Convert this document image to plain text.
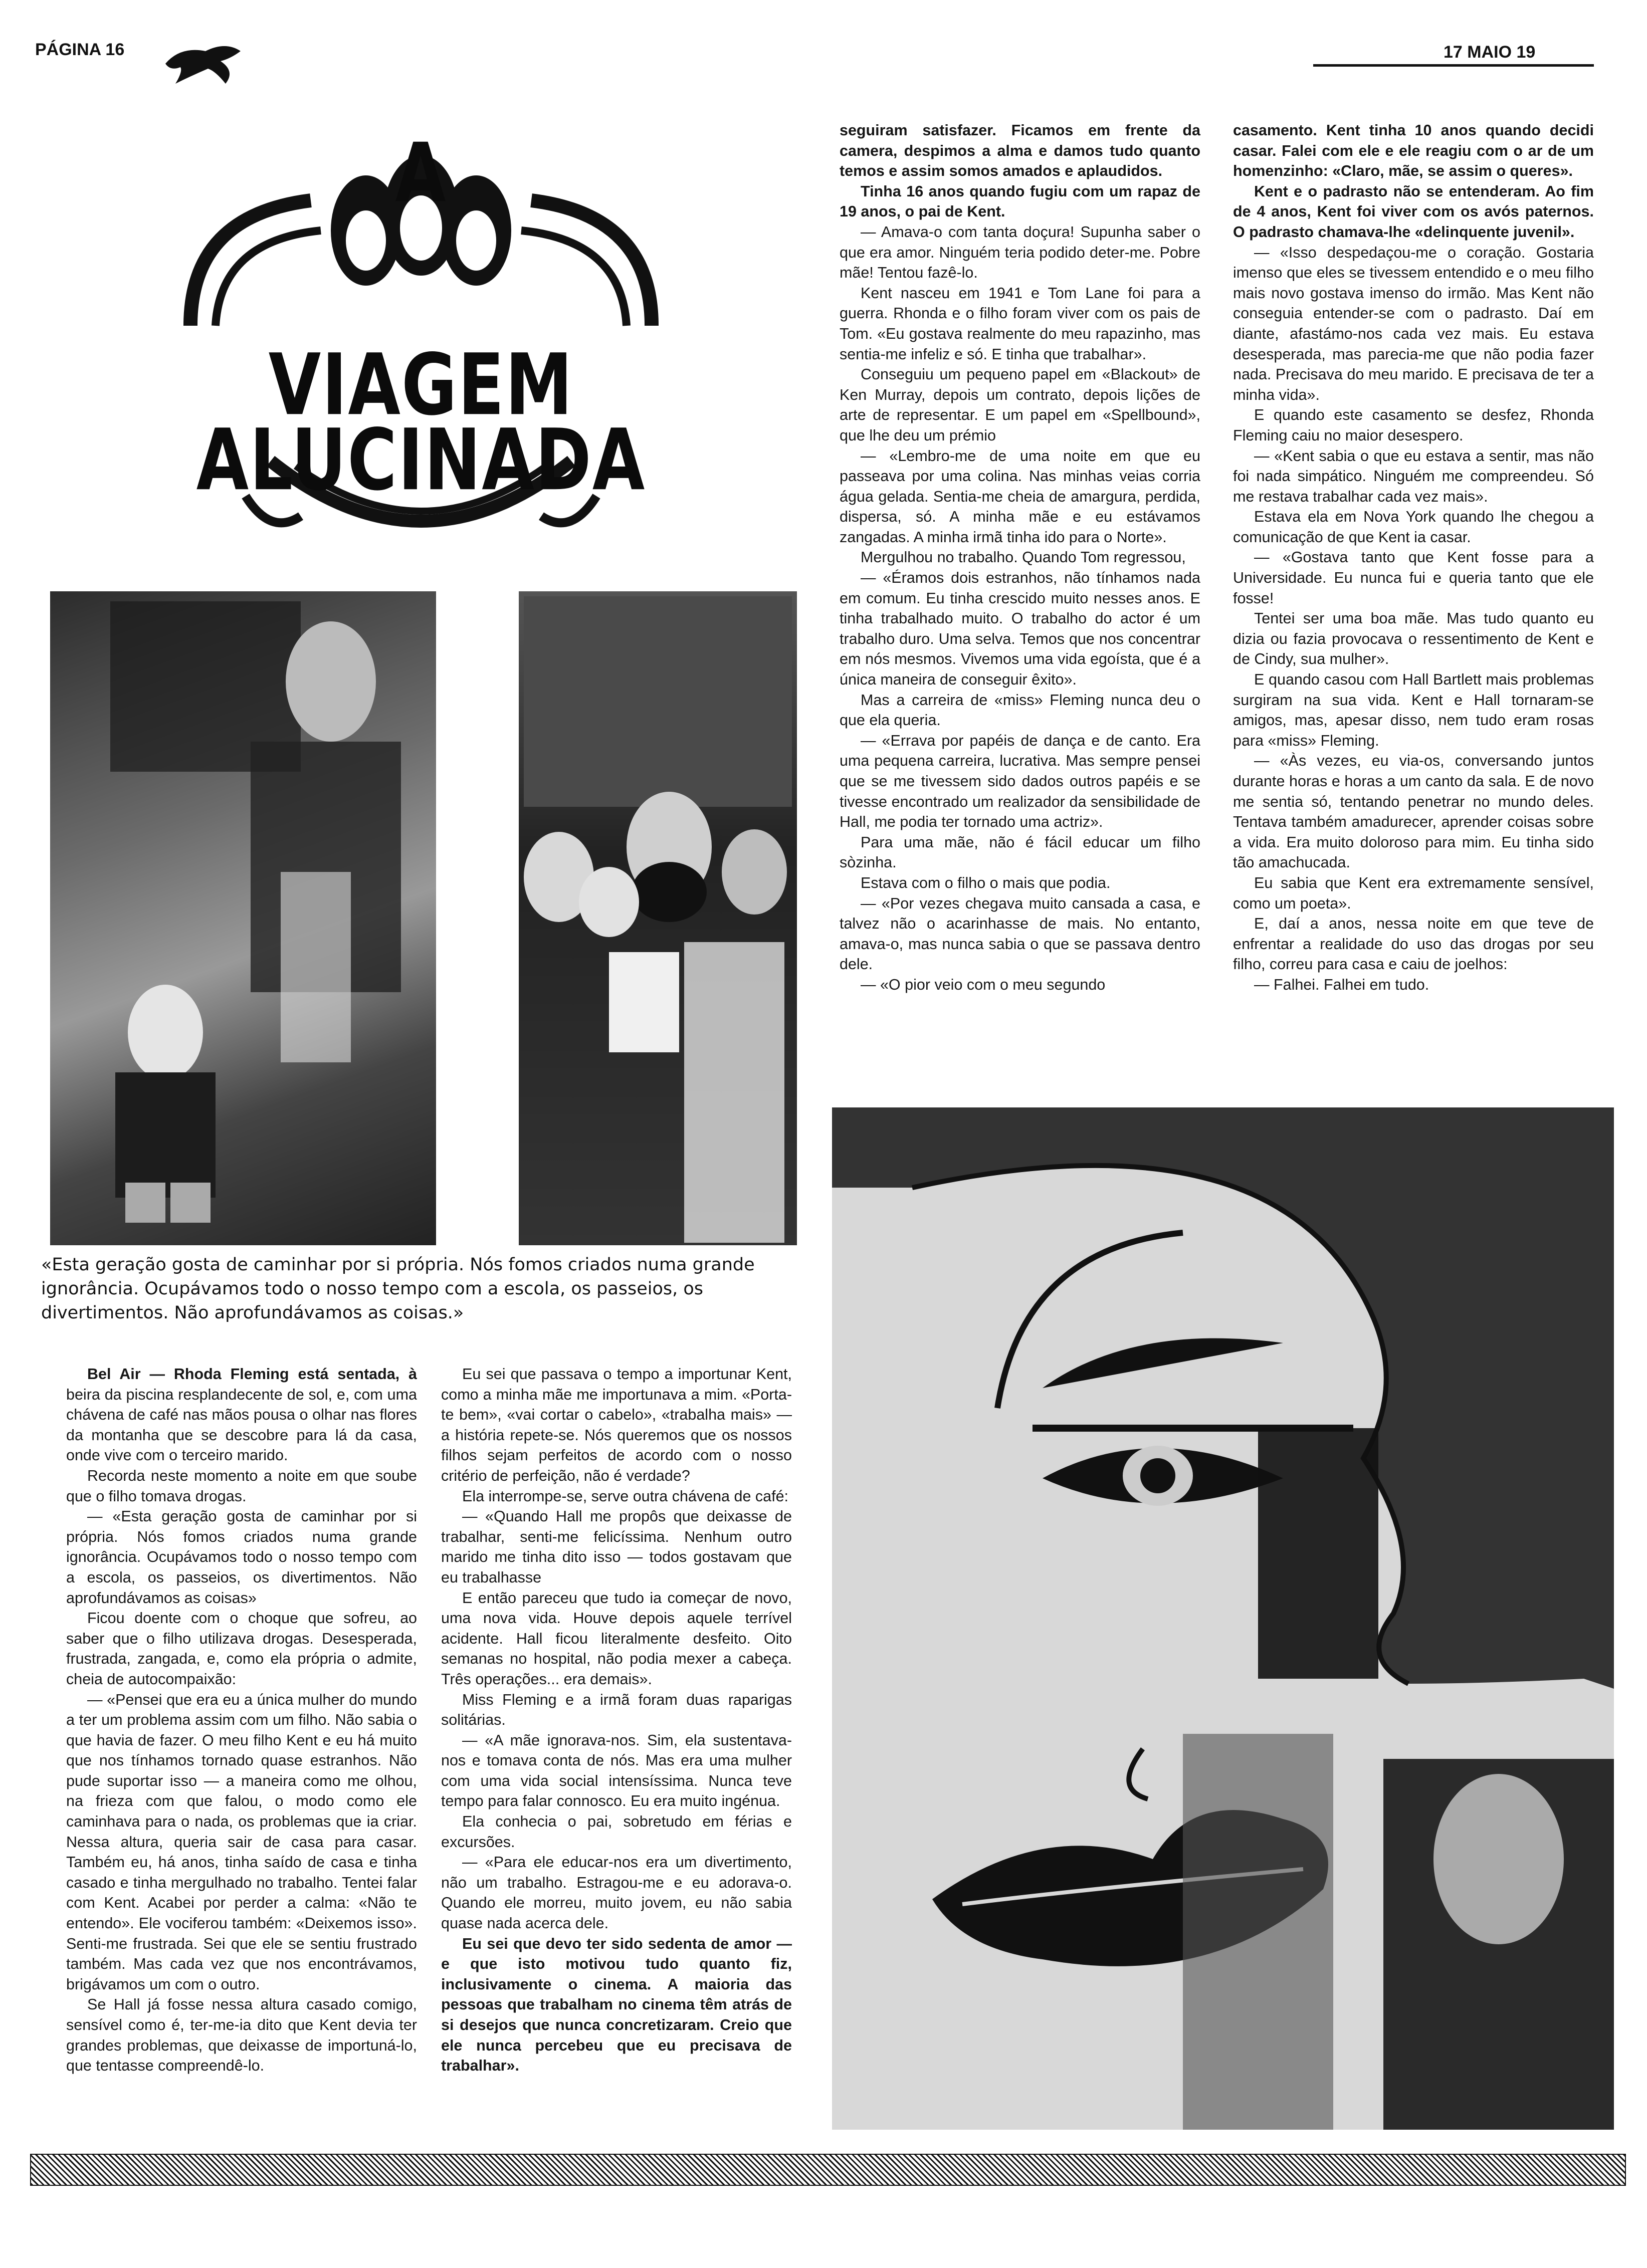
PÁGINA 16	17 MAIO 19
A
VIAGEM
ALUCINADA
«Esta geração gosta de caminhar por si própria. Nós fomos criados numa grande ignorância. Ocupávamos todo o nosso tempo com a escola, os passeios, os divertimentos. Não aprofundávamos as coisas.»

Bel Air — Rhoda Fleming está sentada, à beira da piscina resplandecente de sol, e, com uma chávena de café nas mãos pousa o olhar nas flores da montanha que se descobre para lá da casa, onde vive com o terceiro marido.

Recorda neste momento a noite em que soube que o filho tomava drogas.

— «Esta geração gosta de caminhar por si própria. Nós fomos criados numa grande ignorância. Ocupávamos todo o nosso tempo com a escola, os passeios, os divertimentos. Não aprofundávamos as coisas»

Ficou doente com o choque que sofreu, ao saber que o filho utilizava drogas. Desesperada, frustrada, zangada, e, como ela própria o admite, cheia de autocompaixão:

— «Pensei que era eu a única mulher do mundo a ter um problema assim com um filho. Não sabia o que havia de fazer. O meu filho Kent e eu há muito que nos tínhamos tornado quase estranhos. Não pude suportar isso — a maneira como me olhou, na frieza com que falou, o modo como ele caminhava para o nada, os problemas que ia criar. Nessa altura, queria sair de casa para casar. Também eu, há anos, tinha saído de casa e tinha casado e tinha mergulhado no trabalho. Tentei falar com Kent. Acabei por perder a calma: «Não te entendo». Ele vociferou também: «Deixemos isso». Senti-me frustrada. Sei que ele se sentiu frustrado também. Mas cada vez que nos encontrávamos, brigávamos um com o outro.

Se Hall já fosse nessa altura casado comigo, sensível como é, ter-me-ia dito que Kent devia ter grandes problemas, que deixasse de importuná-lo, que tentasse compreendê-lo.

Eu sei que passava o tempo a importunar Kent, como a minha mãe me importunava a mim. «Porta-te bem», «vai cortar o cabelo», «trabalha mais» — a história repete-se. Nós queremos que os nossos filhos sejam perfeitos de acordo com o nosso critério de perfeição, não é verdade?

Ela interrompe-se, serve outra chávena de café:

— «Quando Hall me propôs que deixasse de trabalhar, senti-me felicíssima. Nenhum outro marido me tinha dito isso — todos gostavam que eu trabalhasse

E então pareceu que tudo ia começar de novo, uma nova vida. Houve depois aquele terrível acidente. Hall ficou literalmente desfeito. Oito semanas no hospital, não podia mexer a cabeça. Três operações... era demais».

Miss Fleming e a irmã foram duas raparigas solitárias.

— «A mãe ignorava-nos. Sim, ela sustentava-nos e tomava conta de nós. Mas era uma mulher com uma vida social intensíssima. Nunca teve tempo para falar connosco. Eu era muito ingénua.

Ela conhecia o pai, sobretudo em férias e excursões.

— «Para ele educar-nos era um divertimento, não um trabalho. Estragou-me e eu adorava-o. Quando ele morreu, muito jovem, eu não sabia quase nada acerca dele.

Eu sei que devo ter sido sedenta de amor — e que isto motivou tudo quanto fiz, inclusivamente o cinema. A maioria das pessoas que trabalham no cinema têm atrás de si desejos que nunca concretizaram. Creio que ele nunca percebeu que eu precisava de trabalhar».

seguiram satisfazer. Ficamos em frente da camera, despimos a alma e damos tudo quanto temos e assim somos amados e aplaudidos.

Tinha 16 anos quando fugiu com um rapaz de 19 anos, o pai de Kent.

— Amava-o com tanta doçura! Supunha saber o que era amor. Ninguém teria podido deter-me. Pobre mãe! Tentou fazê-lo.

Kent nasceu em 1941 e Tom Lane foi para a guerra. Rhonda e o filho foram viver com os pais de Tom. «Eu gostava realmente do meu rapazinho, mas sentia-me infeliz e só. E tinha que trabalhar».

Conseguiu um pequeno papel em «Blackout» de Ken Murray, depois um contrato, depois lições de arte de representar. E um papel em «Spellbound», que lhe deu um prémio

— «Lembro-me de uma noite em que eu passeava por uma colina. Nas minhas veias corria água gelada. Sentia-me cheia de amargura, perdida, dispersa, só. A minha mãe e eu estávamos zangadas. A minha irmã tinha ido para o Norte».

Mergulhou no trabalho. Quando Tom regressou,

— «Éramos dois estranhos, não tínhamos nada em comum. Eu tinha crescido muito nesses anos. E tinha trabalhado muito. O trabalho do actor é um trabalho duro. Uma selva. Temos que nos concentrar em nós mesmos. Vivemos uma vida egoísta, que é a única maneira de conseguir êxito».

Mas a carreira de «miss» Fleming nunca deu o que ela queria.

— «Errava por papéis de dança e de canto. Era uma pequena carreira, lucrativa. Mas sempre pensei que se me tivessem sido dados outros papéis e se tivesse encontrado um realizador da sensibilidade de Hall, me podia ter tornado uma actriz».

Para uma mãe, não é fácil educar um filho sòzinha.

Estava com o filho o mais que podia.

— «Por vezes chegava muito cansada a casa, e talvez não o acarinhasse de mais. No entanto, amava-o, mas nunca sabia o que se passava dentro dele.

— «O pior veio com o meu segundo

casamento. Kent tinha 10 anos quando decidi casar. Falei com ele e ele reagiu com o ar de um homenzinho: «Claro, mãe, se assim o queres».

Kent e o padrasto não se entenderam. Ao fim de 4 anos, Kent foi viver com os avós paternos. O padrasto chamava-lhe «delinquente juvenil».

— «Isso despedaçou-me o coração. Gostaria imenso que eles se tivessem entendido e o meu filho mais novo gostava imenso do irmão. Mas Kent não conseguia entender-se com o padrasto. Daí em diante, afastámo-nos cada vez mais. Eu estava desesperada, mas parecia-me que não podia fazer nada. Precisava do meu marido. E precisava de ter a minha vida».

E quando este casamento se desfez, Rhonda Fleming caiu no maior desespero.

— «Kent sabia o que eu estava a sentir, mas não foi nada simpático. Ninguém me compreendeu. Só me restava trabalhar cada vez mais».

Estava ela em Nova York quando lhe chegou a comunicação de que Kent ia casar.

— «Gostava tanto que Kent fosse para a Universidade. Eu nunca fui e queria tanto que ele fosse!

Tentei ser uma boa mãe. Mas tudo quanto eu dizia ou fazia provocava o ressentimento de Kent e de Cindy, sua mulher».

E quando casou com Hall Bartlett mais problemas surgiram na sua vida. Kent e Hall tornaram-se amigos, mas, apesar disso, nem tudo eram rosas para «miss» Fleming.

— «Às vezes, eu via-os, conversando juntos durante horas e horas a um canto da sala. E de novo me sentia só, tentando penetrar no mundo deles. Tentava também amadurecer, aprender coisas sobre a vida. Era muito doloroso para mim. Eu tinha sido tão amachucada.

Eu sabia que Kent era extremamente sensível, como um poeta».

E, daí a anos, nessa noite em que teve de enfrentar a realidade do uso das drogas por seu filho, correu para casa e caiu de joelhos:

— Falhei. Falhei em tudo.
